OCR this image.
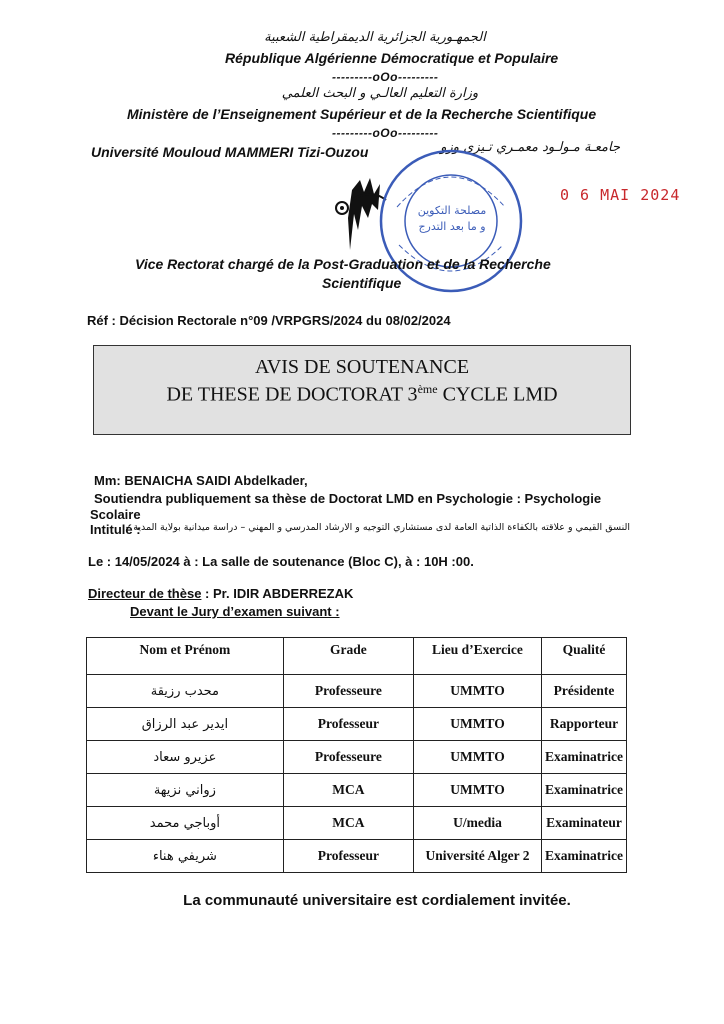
الجمهـورية الجزائرية الديمقراطية الشعبية
République Algérienne Démocratique et Populaire
---------oOo---------
وزارة التعليم العالـي و البحث العلمي
Ministère de l’Enseignement Supérieur et de la Recherche Scientifique
---------oOo---------
Université Mouloud MAMMERI Tizi-Ouzou	جامعـة مـولـود معمـري تـيزي وزو
مصلحة التكوين و ما بعد التدرج
0 6 MAI 2024
Vice Rectorat chargé de la Post-Graduation et de la Recherche
Scientifique
Réf : Décision Rectorale n°09 /VRPGRS/2024 du 08/02/2024
AVIS DE SOUTENANCE
DE THESE DE DOCTORAT 3ème CYCLE LMD
Mm: BENAICHA SAIDI Abdelkader,
Soutiendra publiquement sa thèse de Doctorat LMD en Psychologie : Psychologie
Scolaire
Intitulé :
النسق القيمي و علاقته بالكفاءة الذاتية العامة لدى مستشاري التوجيه و الارشاد المدرسي و المهني – دراسة ميدانية بولاية المدية –
Le : 14/05/2024 à : La salle de soutenance (Bloc C), à : 10H :00.
Directeur de thèse : Pr. IDIR ABDERREZAK
Devant le Jury d’examen suivant :
Nom et Prénom	Grade	Lieu d’Exercice	Qualité
محدب رزيقة	Professeure	UMMTO	Présidente
ايدير عبد الرزاق	Professeur	UMMTO	Rapporteur
عزيرو سعاد	Professeure	UMMTO	Examinatrice
زواني نزيهة	MCA	UMMTO	Examinatrice
أوباجي محمد	MCA	U/media	Examinateur
شريفي هناء	Professeur	Université Alger 2	Examinatrice
La communauté universitaire est cordialement invitée.
